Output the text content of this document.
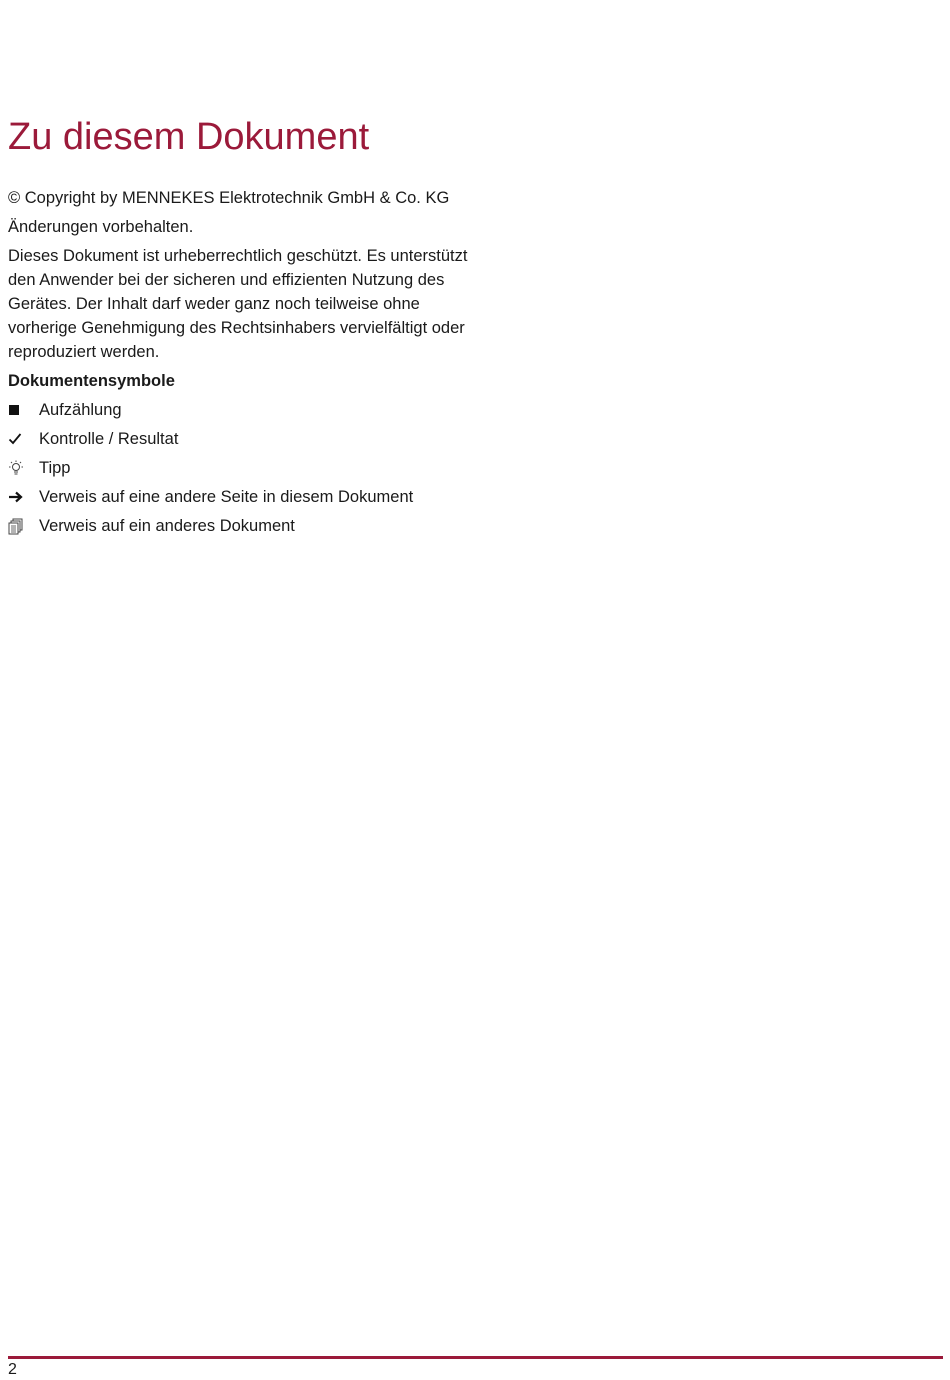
Zu diesem Dokument

© Copyright by MENNEKES Elektrotechnik GmbH & Co. KG

Änderungen vorbehalten.

Dieses Dokument ist urheberrechtlich geschützt. Es unterstützt den Anwender bei der sicheren und effizienten Nutzung des Gerätes. Der Inhalt darf weder ganz noch teilweise ohne vorherige Genehmigung des Rechtsinhabers vervielfältigt oder reproduziert werden.

Dokumentensymbole

Aufzählung
Kontrolle / Resultat
Tipp
Verweis auf eine andere Seite in diesem Dokument
Verweis auf ein anderes Dokument
2
